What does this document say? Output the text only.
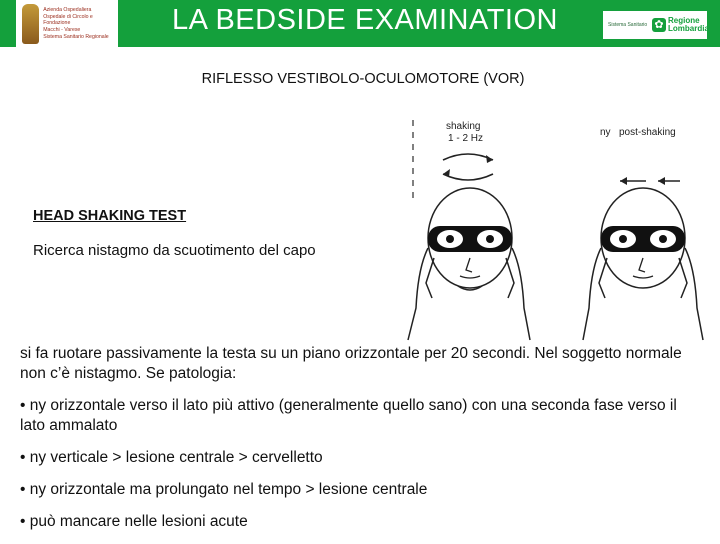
Azienda Ospedaliera
Ospedale di Circolo e Fondazione
Macchi - Varese
Sistema Sanitario Regionale
LA BEDSIDE EXAMINATION	Sistema Sanitario ✿ Regione Lombardia
RIFLESSO VESTIBOLO-OCULOMOTORE (VOR)
HEAD SHAKING TEST
Ricerca nistagmo da scuotimento del capo
shaking
1 - 2 Hz
ny post-shaking

si fa ruotare passivamente la testa su un piano orizzontale per 20 secondi. Nel soggetto normale non c’è nistagmo. Se patologia:

• ny orizzontale verso il lato più attivo (generalmente quello sano) con una seconda fase verso il lato ammalato

• ny verticale > lesione centrale > cervelletto

• ny orizzontale ma prolungato nel tempo > lesione centrale

• può mancare nelle lesioni acute
